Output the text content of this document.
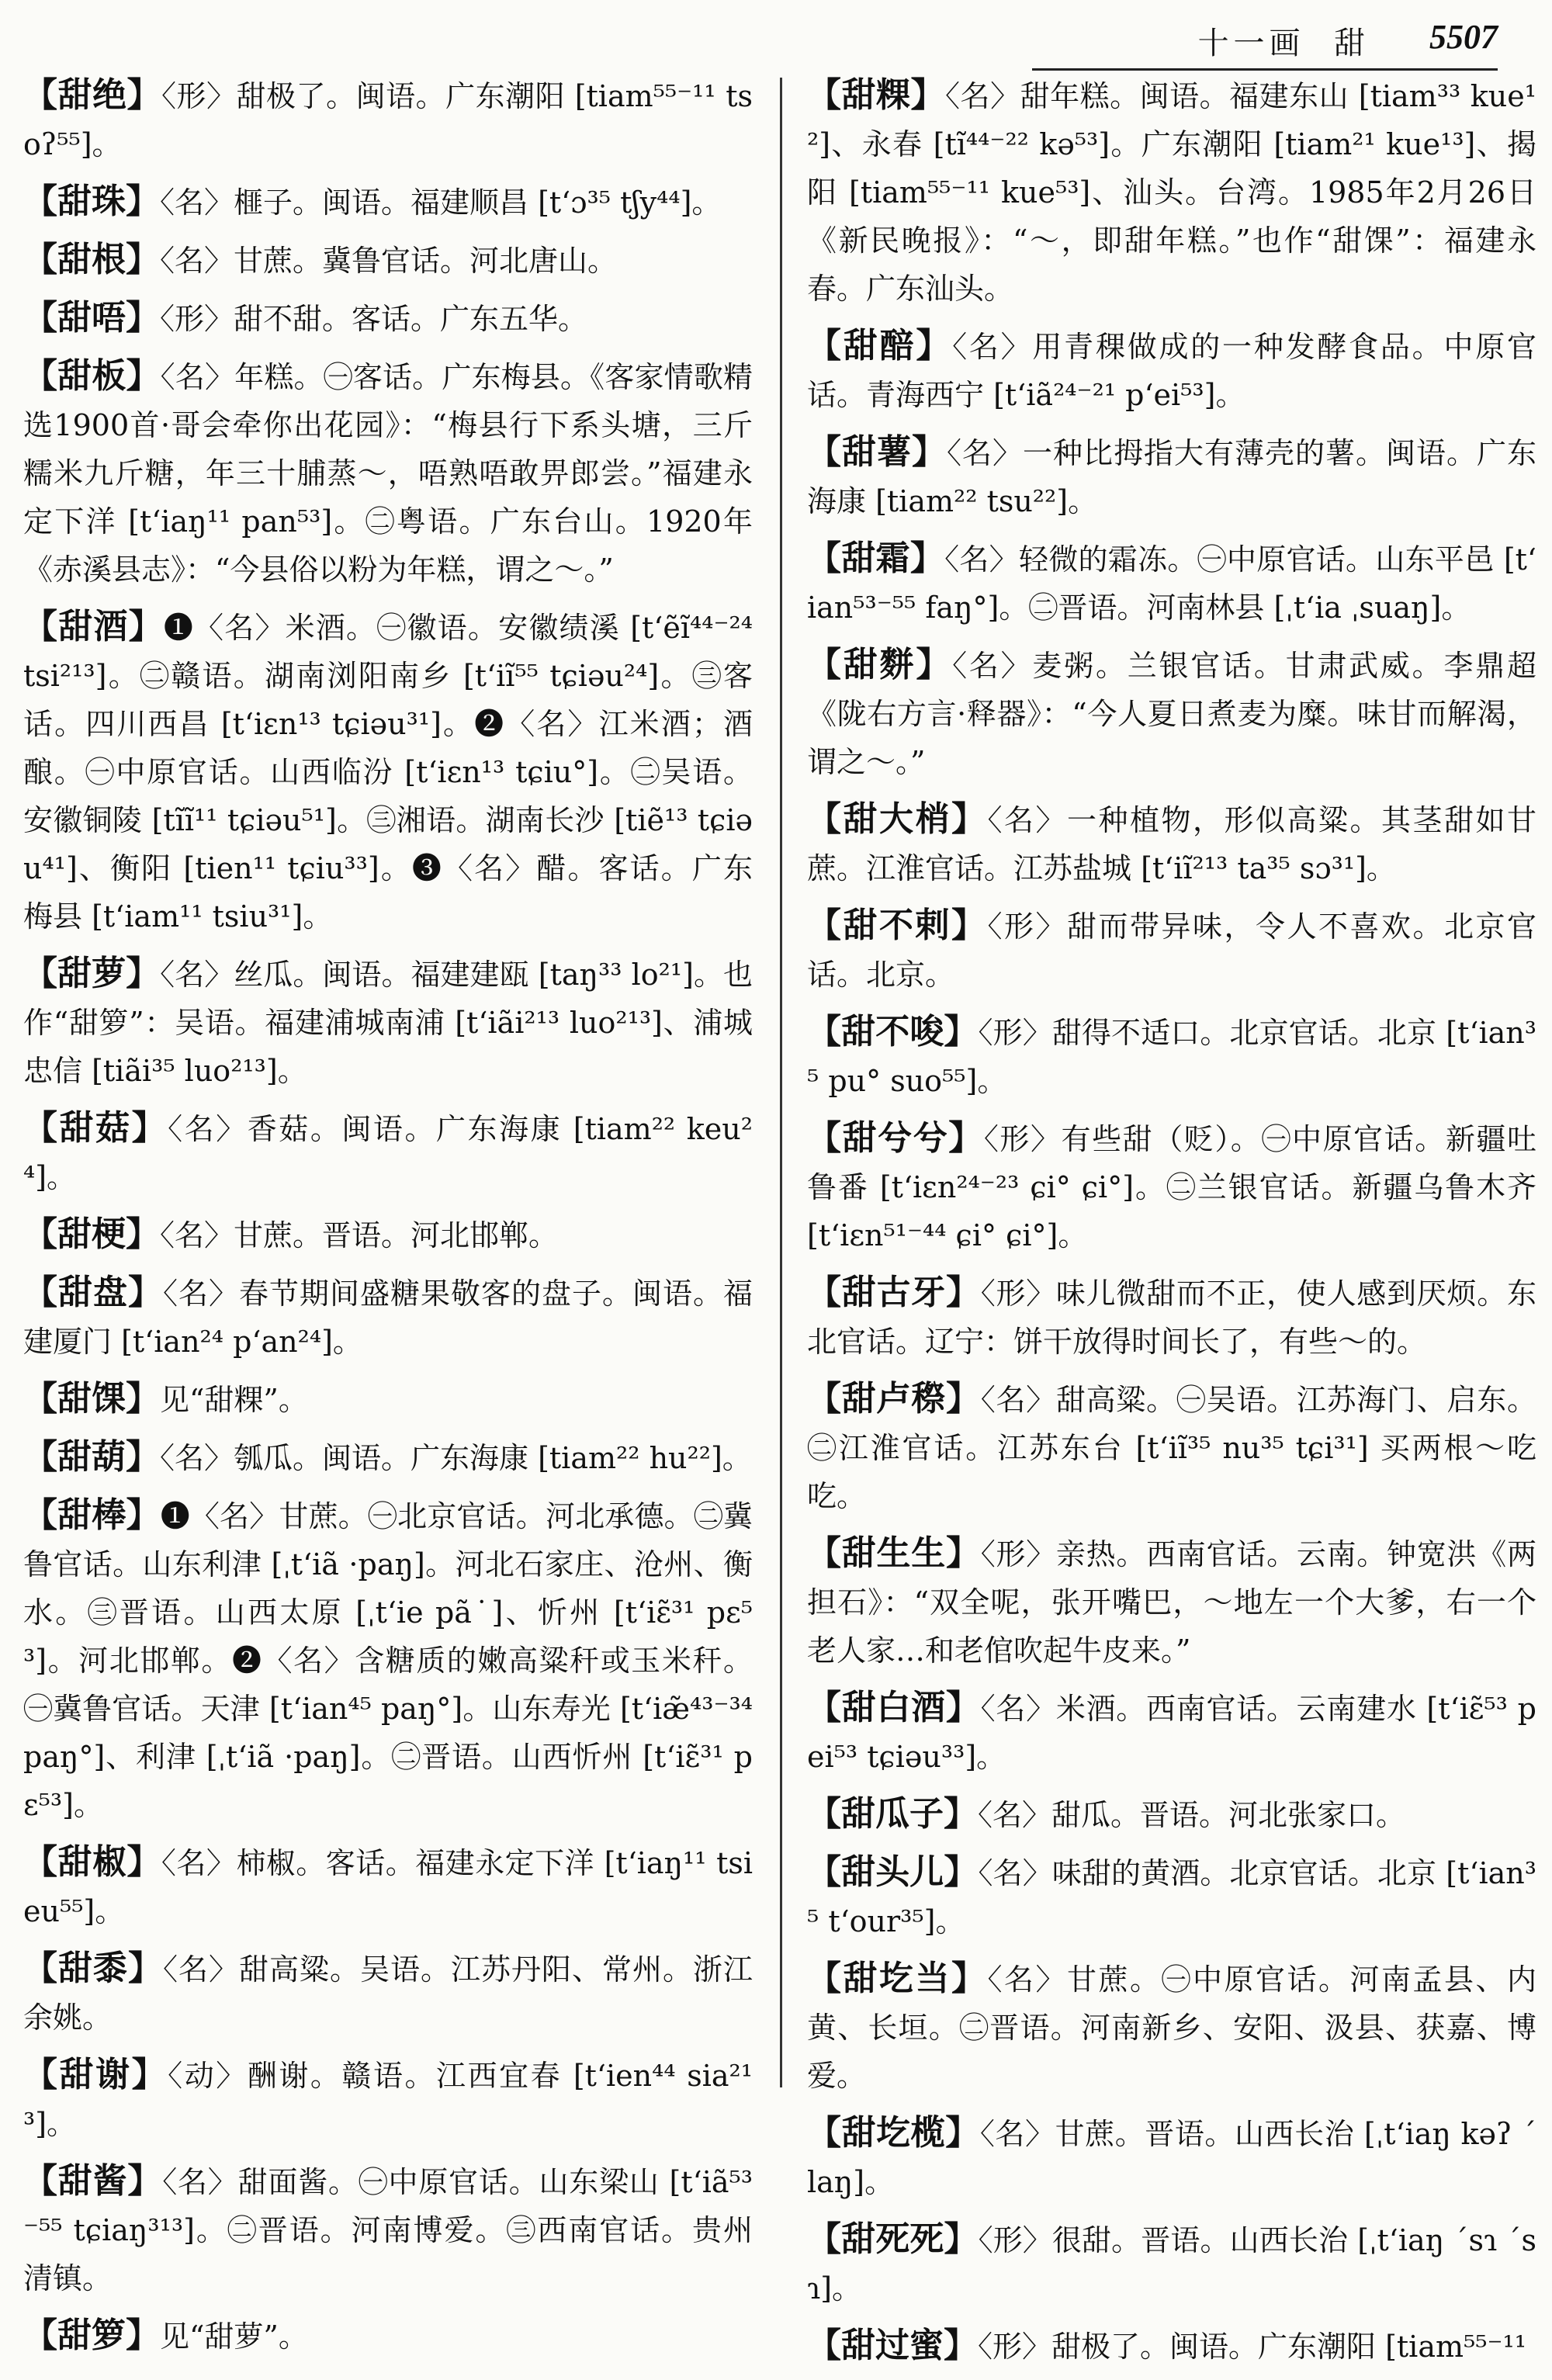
十一画 甜 5507

【甜绝】〈形〉甜极了。闽语。广东潮阳 [tiam⁵⁵⁻¹¹ tsoʔ⁵⁵]。

【甜珠】〈名〉榧子。闽语。福建顺昌 [tʻɔ³⁵ tʃy⁴⁴]。

【甜根】〈名〉甘蔗。冀鲁官话。河北唐山。

【甜唔】〈形〉甜不甜。客话。广东五华。

【甜板】〈名〉年糕。㊀客话。广东梅县。《客家情歌精选1900首·哥会牵你出花园》：“梅县行下系头塘，三斤糯米九斤糖，年三十脯蒸～，唔熟唔敢畀郎尝。”福建永定下洋 [tʻiaŋ¹¹ pan⁵³]。㊁粤语。广东台山。1920年《赤溪县志》：“今县俗以粉为年糕，谓之～。”

【甜酒】❶〈名〉米酒。㊀徽语。安徽绩溪 [tʻẽĩ⁴⁴⁻²⁴ tsi²¹³]。㊁赣语。湖南浏阳南乡 [tʻiĩ⁵⁵ tɕiəu²⁴]。㊂客话。四川西昌 [tʻiɛn¹³ tɕiəu³¹]。❷〈名〉江米酒；酒酿。㊀中原官话。山西临汾 [tʻiɛn¹³ tɕiu°]。㊁吴语。安徽铜陵 [tĩĩ¹¹ tɕiəu⁵¹]。㊂湘语。湖南长沙 [tiẽ¹³ tɕiəu⁴¹]、衡阳 [tien¹¹ tɕiu³³]。❸〈名〉醋。客话。广东梅县 [tʻiam¹¹ tsiu³¹]。

【甜萝】〈名〉丝瓜。闽语。福建建瓯 [taŋ³³ lo²¹]。也作“甜箩”：吴语。福建浦城南浦 [tʻiãi²¹³ luo²¹³]、浦城忠信 [tiãi³⁵ luo²¹³]。

【甜菇】〈名〉香菇。闽语。广东海康 [tiam²² keu²⁴]。

【甜梗】〈名〉甘蔗。晋语。河北邯郸。

【甜盘】〈名〉春节期间盛糖果敬客的盘子。闽语。福建厦门 [tʻian²⁴ pʻan²⁴]。

【甜馃】见“甜粿”。

【甜葫】〈名〉瓠瓜。闽语。广东海康 [tiam²² hu²²]。

【甜棒】❶〈名〉甘蔗。㊀北京官话。河北承德。㊁冀鲁官话。山东利津 [ˌtʻiã ·paŋ]。河北石家庄、沧州、衡水。㊂晋语。山西太原 [ˌtʻie pã˙]、忻州 [tʻiɛ̃³¹ pɛ⁵³]。河北邯郸。❷〈名〉含糖质的嫩高粱秆或玉米秆。㊀冀鲁官话。天津 [tʻian⁴⁵ paŋ°]。山东寿光 [tʻiæ̃⁴³⁻³⁴ paŋ°]、利津 [ˌtʻiã ·paŋ]。㊁晋语。山西忻州 [tʻiɛ̃³¹ pɛ⁵³]。

【甜椒】〈名〉柿椒。客话。福建永定下洋 [tʻiaŋ¹¹ tsieu⁵⁵]。

【甜黍】〈名〉甜高粱。吴语。江苏丹阳、常州。浙江余姚。

【甜谢】〈动〉酬谢。赣语。江西宜春 [tʻien⁴⁴ sia²¹³]。

【甜酱】〈名〉甜面酱。㊀中原官话。山东梁山 [tʻiã⁵³⁻⁵⁵ tɕiaŋ³¹³]。㊁晋语。河南博爱。㊂西南官话。贵州清镇。

【甜箩】见“甜萝”。

【甜粿】〈名〉甜年糕。闽语。福建东山 [tiam³³ kue¹²]、永春 [tĩ⁴⁴⁻²² kə⁵³]。广东潮阳 [tiam²¹ kue¹³]、揭阳 [tiam⁵⁵⁻¹¹ kue⁵³]、汕头。台湾。1985年2月26日《新民晚报》：“～，即甜年糕。”也作“甜馃”：福建永春。广东汕头。

【甜醅】〈名〉用青稞做成的一种发酵食品。中原官话。青海西宁 [tʻiã²⁴⁻²¹ pʻei⁵³]。

【甜薯】〈名〉一种比拇指大有薄壳的薯。闽语。广东海康 [tiam²² tsu²²]。

【甜霜】〈名〉轻微的霜冻。㊀中原官话。山东平邑 [tʻian⁵³⁻⁵⁵ faŋ°]。㊁晋语。河南林县 [ˌtʻia ˌsuaŋ]。

【甜䴵】〈名〉麦粥。兰银官话。甘肃武威。李鼎超《陇右方言·释器》：“今人夏日煮麦为糜。味甘而解渴，谓之～。”

【甜大梢】〈名〉一种植物，形似高粱。其茎甜如甘蔗。江淮官话。江苏盐城 [tʻiĩ²¹³ ta³⁵ sɔ³¹]。

【甜不剌】〈形〉甜而带异味，令人不喜欢。北京官话。北京。

【甜不唆】〈形〉甜得不适口。北京官话。北京 [tʻian³⁵ pu° suo⁵⁵]。

【甜兮兮】〈形〉有些甜（贬）。㊀中原官话。新疆吐鲁番 [tʻiɛn²⁴⁻²³ ɕi° ɕi°]。㊁兰银官话。新疆乌鲁木齐 [tʻiɛn⁵¹⁻⁴⁴ ɕi° ɕi°]。

【甜古牙】〈形〉味儿微甜而不正，使人感到厌烦。东北官话。辽宁：饼干放得时间长了，有些～的。

【甜卢穄】〈名〉甜高粱。㊀吴语。江苏海门、启东。㊁江淮官话。江苏东台 [tʻiĩ³⁵ nu³⁵ tɕi³¹] 买两根～吃吃。

【甜生生】〈形〉亲热。西南官话。云南。钟宽洪《两担石》：“双全呢，张开嘴巴，～地左一个大爹，右一个老人家…和老倌吹起牛皮来。”

【甜白酒】〈名〉米酒。西南官话。云南建水 [tʻiɛ̃⁵³ pei⁵³ tɕiəu³³]。

【甜瓜子】〈名〉甜瓜。晋语。河北张家口。

【甜头儿】〈名〉味甜的黄酒。北京官话。北京 [tʻian³⁵ tʻour³⁵]。

【甜圪当】〈名〉甘蔗。㊀中原官话。河南孟县、内黄、长垣。㊁晋语。河南新乡、安阳、汲县、获嘉、博爱。

【甜圪榄】〈名〉甘蔗。晋语。山西长治 [ˌtʻiaŋ kəʔ ˊlaŋ]。

【甜死死】〈形〉很甜。晋语。山西长治 [ˌtʻiaŋ ˊsɿ ˊsɿ]。

【甜过蜜】〈形〉甜极了。闽语。广东潮阳 [tiam⁵⁵⁻¹¹
